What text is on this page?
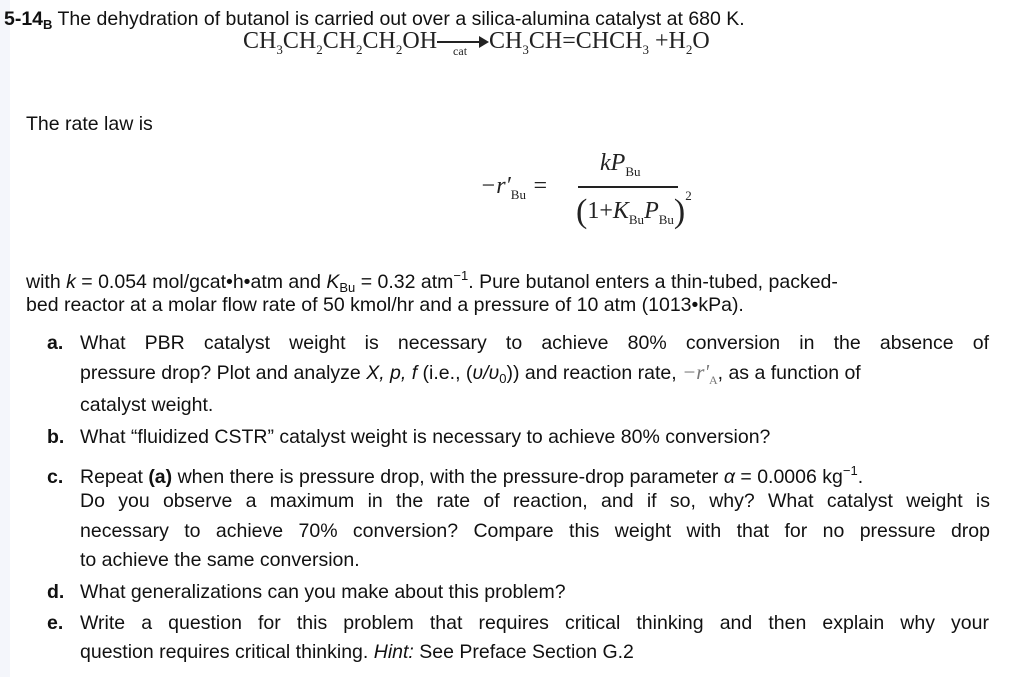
$5-14_B$ The dehydration of butanol is carried out over a silica-alumina catalyst at 680 K.
$CH_3CH_2CH_2CH_2OH$ cat $CH_3CH=CHCH_3 +H_2O$
The rate law is
$-r'_{Bu}$ =
$kP_{Bu}$
$(1+K_{Bu}P_{Bu})^2$
with k = 0.054 mol/gcat•h•atm and $K_{Bu} = 0.32$ atm$^{-1}$. Pure butanol enters a thin-tubed, packed-
bed reactor at a molar flow rate of 50 kmol/hr and a pressure of 10 atm (1013•kPa).
a. What PBR catalyst weight is necessary to achieve 80% conversion in the absence of
pressure drop? Plot and analyze X, p, f (i.e., $(\upsilon/\upsilon_0)$) and reaction rate, $-r'_A$, as a function of
catalyst weight.
b. What “fluidized CSTR” catalyst weight is necessary to achieve 80% conversion?
c. Repeat (a) when there is pressure drop, with the pressure-drop parameter α = 0.0006 $kg^{-1}$.
Do you observe a maximum in the rate of reaction, and if so, why? What catalyst weight is
necessary to achieve 70% conversion? Compare this weight with that for no pressure drop
to achieve the same conversion.
d. What generalizations can you make about this problem?
e. Write a question for this problem that requires critical thinking and then explain why your
question requires critical thinking. Hint: See Preface Section G.2
